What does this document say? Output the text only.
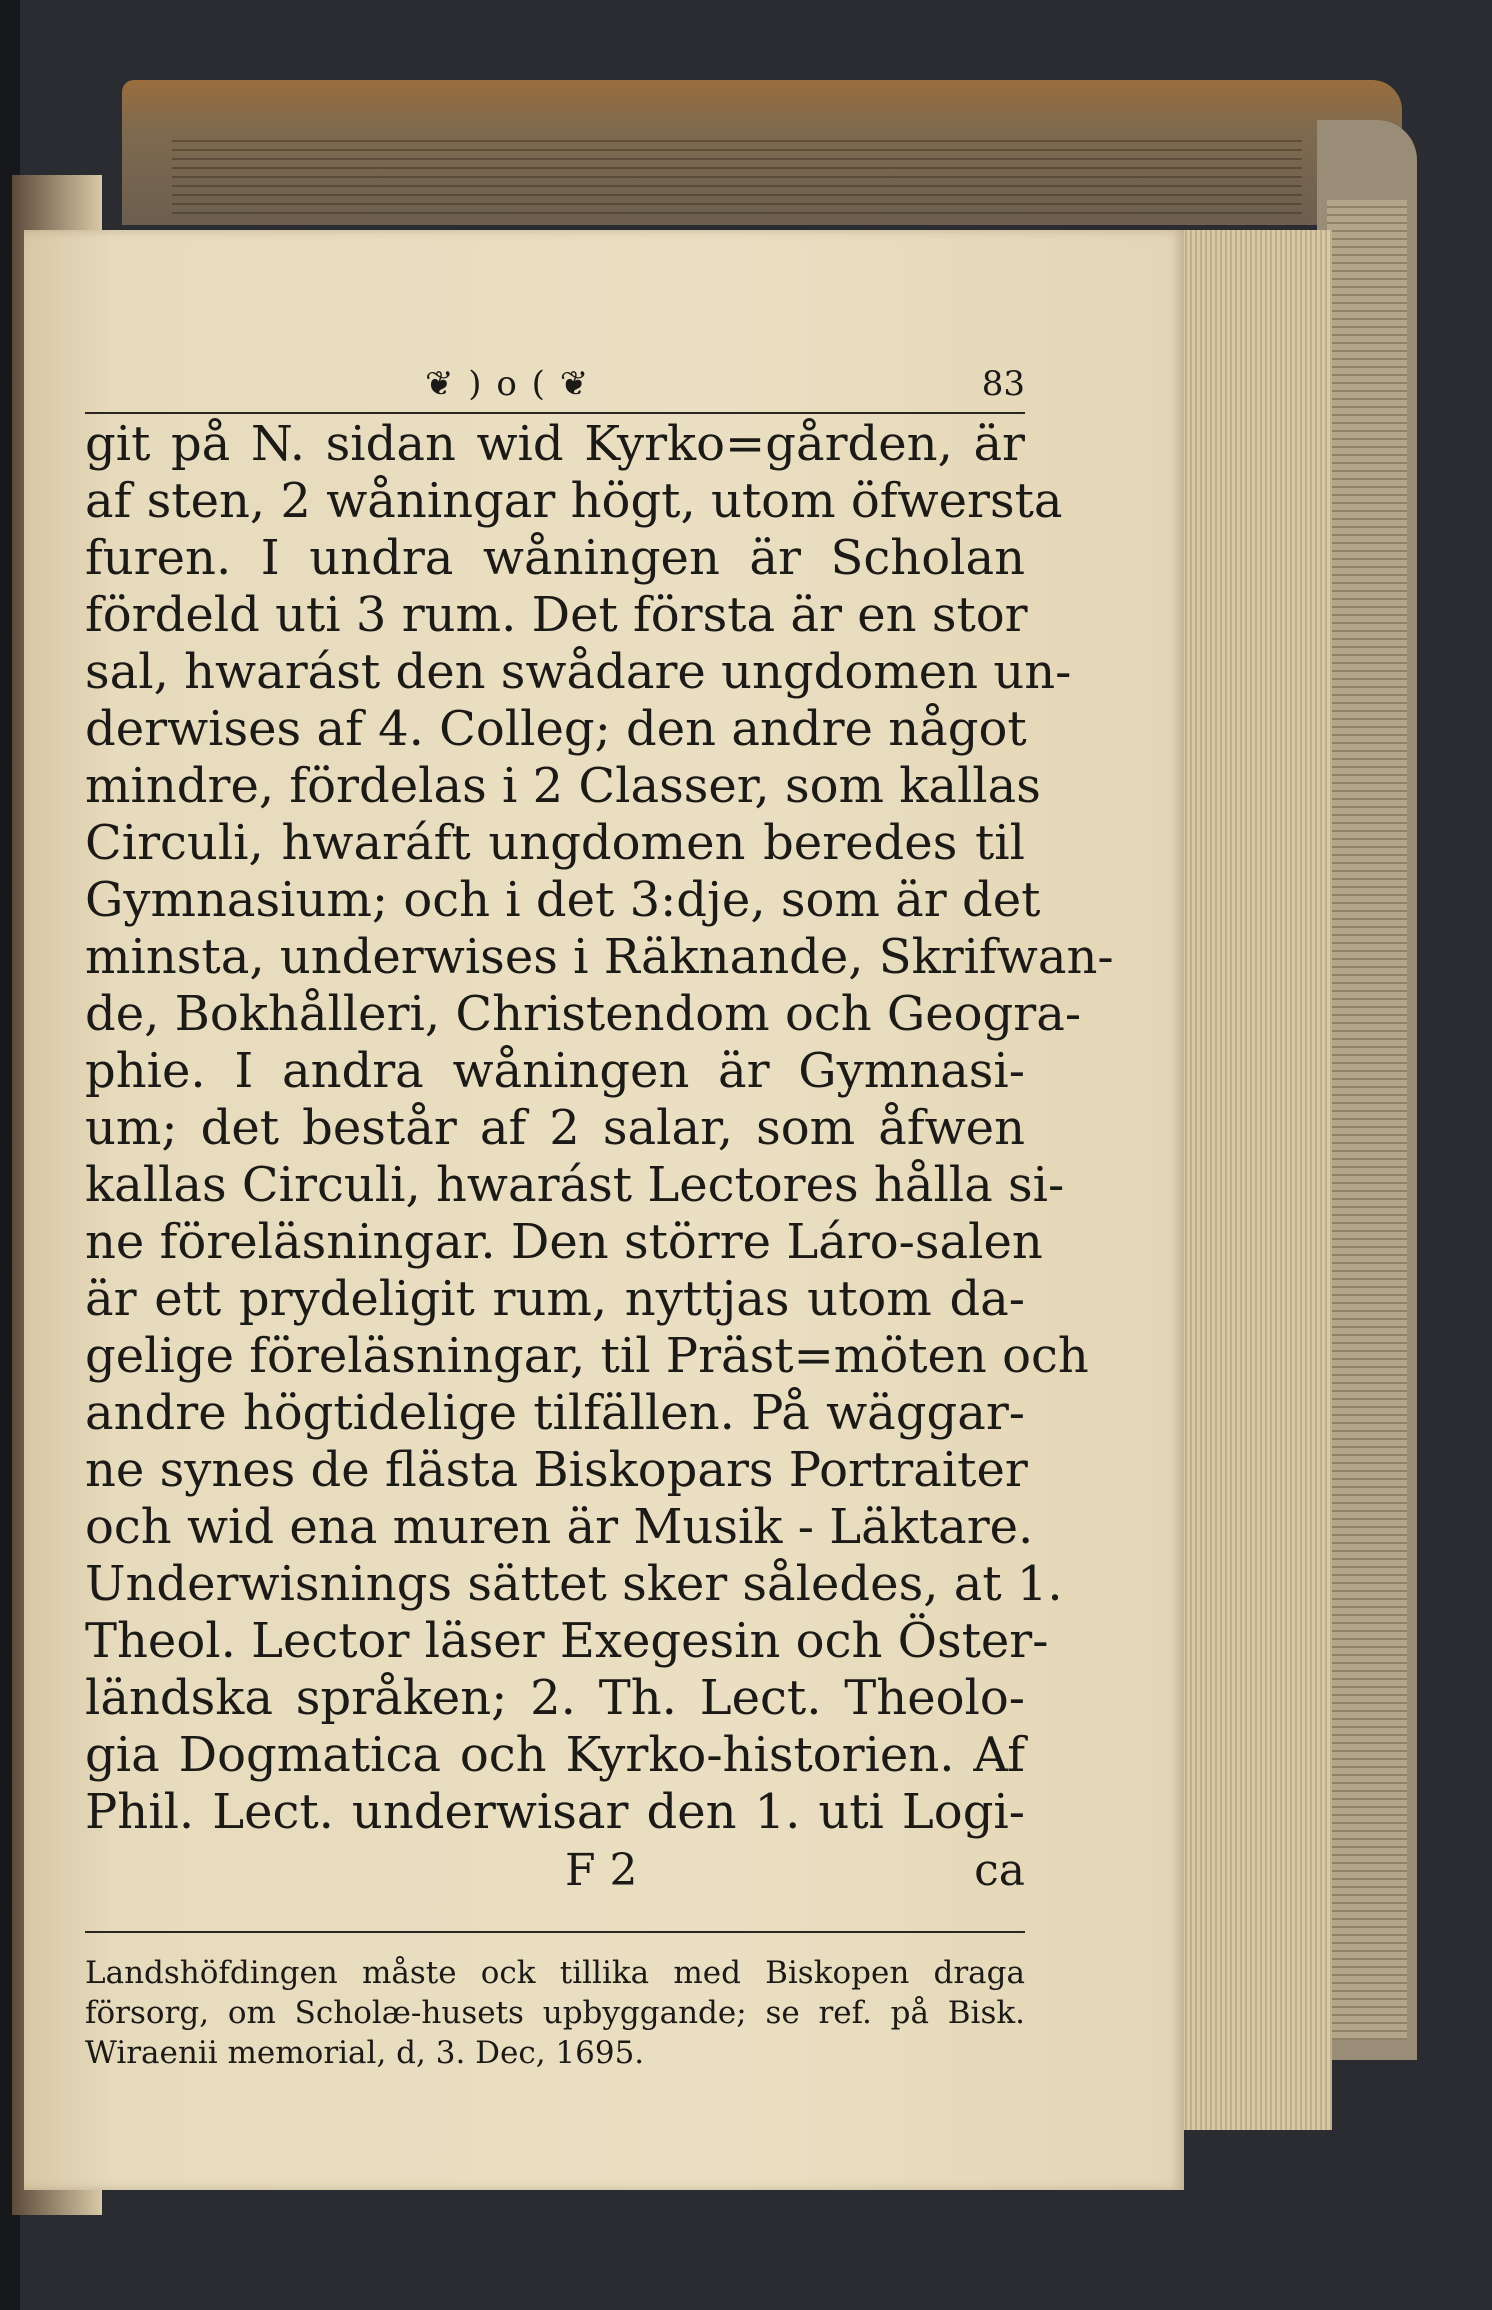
❦ ) o ( ❦	83
git på N. sidan wid Kyrko=gården, är
af sten, 2 wåningar högt, utom öfwersta
furen. I undra wåningen är Scholan
fördeld uti 3 rum. Det första är en stor
sal, hwarást den swådare ungdomen un-
derwises af 4. Colleg; den andre något
mindre, fördelas i 2 Classer, som kallas
Circuli, hwaráft ungdomen beredes til
Gymnasium; och i det 3:dje, som är det
minsta, underwises i Räknande, Skrifwan-
de, Bokhålleri, Christendom och Geogra-
phie. I andra wåningen är Gymnasi-
um; det består af 2 salar, som åfwen
kallas Circuli, hwarást Lectores hålla si-
ne föreläsningar. Den större Láro-salen
är ett prydeligit rum, nyttjas utom da-
gelige föreläsningar, til Präst=möten och
andre högtidelige tilfällen. På wäggar-
ne synes de flästa Biskopars Portraiter
och wid ena muren är Musik - Läktare.
Underwisnings sättet sker således, at 1.
Theol. Lector läser Exegesin och Öster-
ländska språken; 2. Th. Lect. Theolo-
gia Dogmatica och Kyrko-historien. Af
Phil. Lect. underwisar den 1. uti Logi-
F 2	ca
Landshöfdingen måste ock tillika med Biskopen draga
försorg, om Scholæ-husets upbyggande; se ref. på Bisk.
Wiraenii memorial, d, 3. Dec, 1695.
